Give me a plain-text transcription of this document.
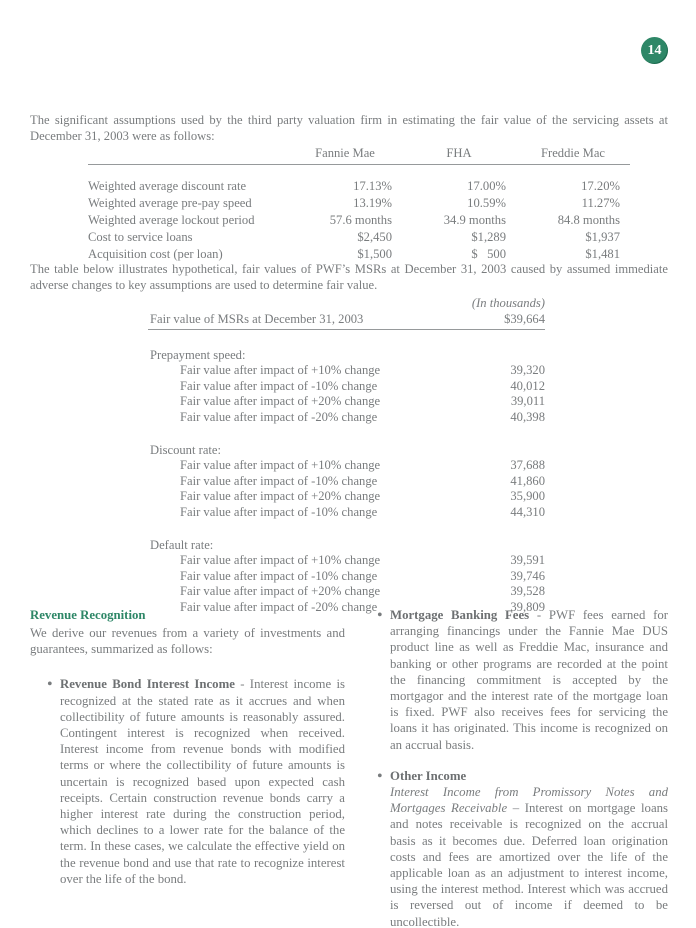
14

The significant assumptions used by the third party valuation firm in estimating the fair value of the servicing assets at December 31, 2003 were as follows:

	Fannie Mae	FHA	Freddie Mac

Weighted average discount rate	17.13%	17.00%	17.20%
Weighted average pre-pay speed	13.19%	10.59%	11.27%
Weighted average lockout period	57.6 months	34.9 months	84.8 months
Cost to service loans	$2,450	$1,289	$1,937
Acquisition cost (per loan)	$1,500	$   500	$1,481

The table below illustrates hypothetical, fair values of PWF’s MSRs at December 31, 2003 caused by assumed immediate adverse changes to key assumptions are used to determine fair value.

(In thousands)
Fair value of MSRs at December 31, 2003	$39,664
Prepayment speed:
Fair value after impact of +10% change	39,320
Fair value after impact of -10% change	40,012
Fair value after impact of +20% change	39,011
Fair value after impact of -20% change	40,398
Discount rate:
Fair value after impact of +10% change	37,688
Fair value after impact of -10% change	41,860
Fair value after impact of +20% change	35,900
Fair value after impact of -10% change	44,310
Default rate:
Fair value after impact of +10% change	39,591
Fair value after impact of -10% change	39,746
Fair value after impact of +20% change	39,528
Fair value after impact of -20% change	39,809
Revenue Recognition

We derive our revenues from a variety of investments and guarantees, summarized as follows:

• Revenue Bond Interest Income - Interest income is recognized at the stated rate as it accrues and when collectibility of future amounts is reasonably assured. Contingent interest is recognized when received. Interest income from revenue bonds with modified terms or where the collectibility of future amounts is uncertain is recognized based upon expected cash receipts. Certain construction revenue bonds carry a higher interest rate during the construction period, which declines to a lower rate for the balance of the term. In these cases, we calculate the effective yield on the revenue bond and use that rate to recognize interest over the life of the bond.
• Mortgage Banking Fees - PWF fees earned for arranging financings under the Fannie Mae DUS product line as well as Freddie Mac, insurance and banking or other programs are recorded at the point the financing commitment is accepted by the mortgagor and the interest rate of the mortgage loan is fixed. PWF also receives fees for servicing the loans it has originated. This income is recognized on an accrual basis.
• Other Income
Interest Income from Promissory Notes and Mortgages Receivable – Interest on mortgage loans and notes receivable is recognized on the accrual basis as it becomes due. Deferred loan origination costs and fees are amortized over the life of the applicable loan as an adjustment to interest income, using the interest method. Interest which was accrued is reversed out of income if deemed to be uncollectible.
